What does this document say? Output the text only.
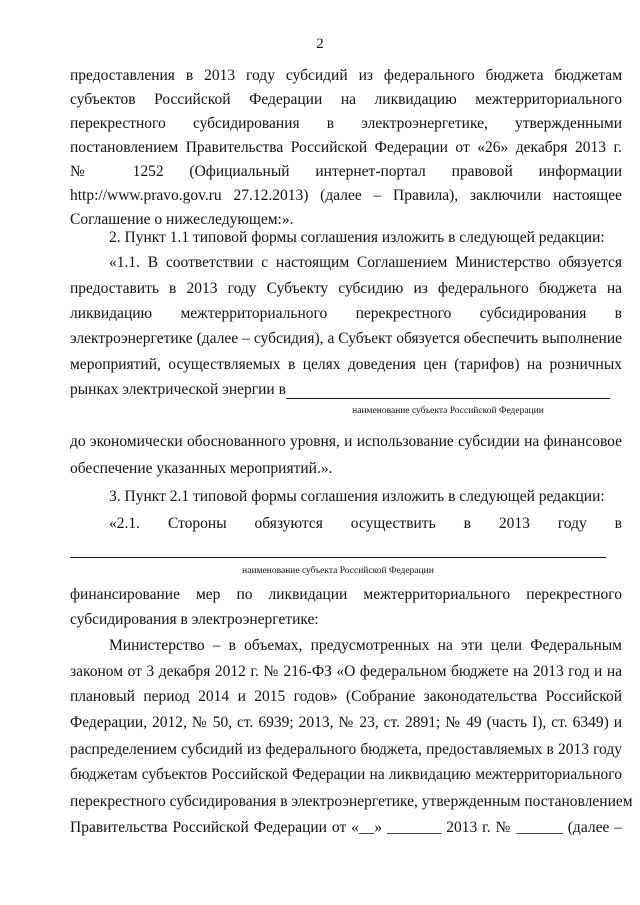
2
предоставления в 2013 году субсидий из федерального бюджета бюджетам
субъектов Российской Федерации на ликвидацию межтерриториального
перекрестного субсидирования в электроэнергетике, утвержденными
постановлением Правительства Российской Федерации от «26» декабря 2013 г.
№ 1252 (Официальный интернет-портал правовой информации
http://www.pravo.gov.ru 27.12.2013) (далее – Правила), заключили настоящее
Соглашение о нижеследующем:».
2. Пункт 1.1 типовой формы соглашения изложить в следующей редакции:
«1.1. В соответствии с настоящим Соглашением Министерство обязуется
предоставить в 2013 году Субъекту субсидию из федерального бюджета на
ликвидацию межтерриториального перекрестного субсидирования в
электроэнергетике (далее – субсидия), а Субъект обязуется обеспечить выполнение
мероприятий, осуществляемых в целях доведения цен (тарифов) на розничных
рынках электрической энергии в
наименование субъекта Российской Федерации
до экономически обоснованного уровня, и использование субсидии на финансовое
обеспечение указанных мероприятий.».
3. Пункт 2.1 типовой формы соглашения изложить в следующей редакции:
«2.1. Стороны обязуются осуществить в 2013 году в
наименование субъекта Российской Федерации
финансирование мер по ликвидации межтерриториального перекрестного
субсидирования в электроэнергетике:
Министерство – в объемах, предусмотренных на эти цели Федеральным
законом от 3 декабря 2012 г. № 216-ФЗ «О федеральном бюджете на 2013 год и на
плановый период 2014 и 2015 годов» (Собрание законодательства Российской
Федерации, 2012, № 50, ст. 6939; 2013, № 23, ст. 2891; № 49 (часть I), ст. 6349) и
распределением субсидий из федерального бюджета, предоставляемых в 2013 году
бюджетам субъектов Российской Федерации на ликвидацию межтерриториального
перекрестного субсидирования в электроэнергетике, утвержденным постановлением
Правительства Российской Федерации от «__» _______ 2013 г. № ______ (далее –
